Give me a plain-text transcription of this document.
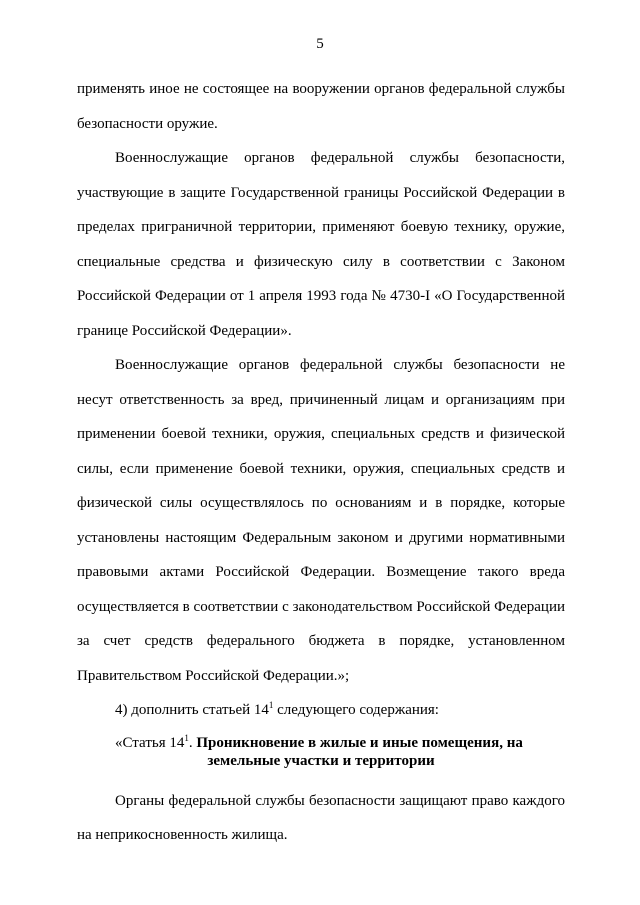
5

применять иное не состоящее на вооружении органов федеральной службы безопасности оружие.

Военнослужащие органов федеральной службы безопасности, участвующие в защите Государственной границы Российской Федерации в пределах приграничной территории, применяют боевую технику, оружие, специальные средства и физическую силу в соответствии с Законом Российской Федерации от 1 апреля 1993 года № 4730-I «О Государственной границе Российской Федерации».

Военнослужащие органов федеральной службы безопасности не несут ответственность за вред, причиненный лицам и организациям при применении боевой техники, оружия, специальных средств и физической силы, если применение боевой техники, оружия, специальных средств и физической силы осуществлялось по основаниям и в порядке, которые установлены настоящим Федеральным законом и другими нормативными правовыми актами Российской Федерации. Возмещение такого вреда осуществляется в соответствии с законодательством Российской Федерации за счет средств федерального бюджета в порядке, установленном Правительством Российской Федерации.»;

4) дополнить статьей $14^1$ следующего содержания:

«Статья $14^1$. Проникновение в жилые и иные помещения, на
земельные участки и территории

Органы федеральной службы безопасности защищают право каждого на неприкосновенность жилища.
